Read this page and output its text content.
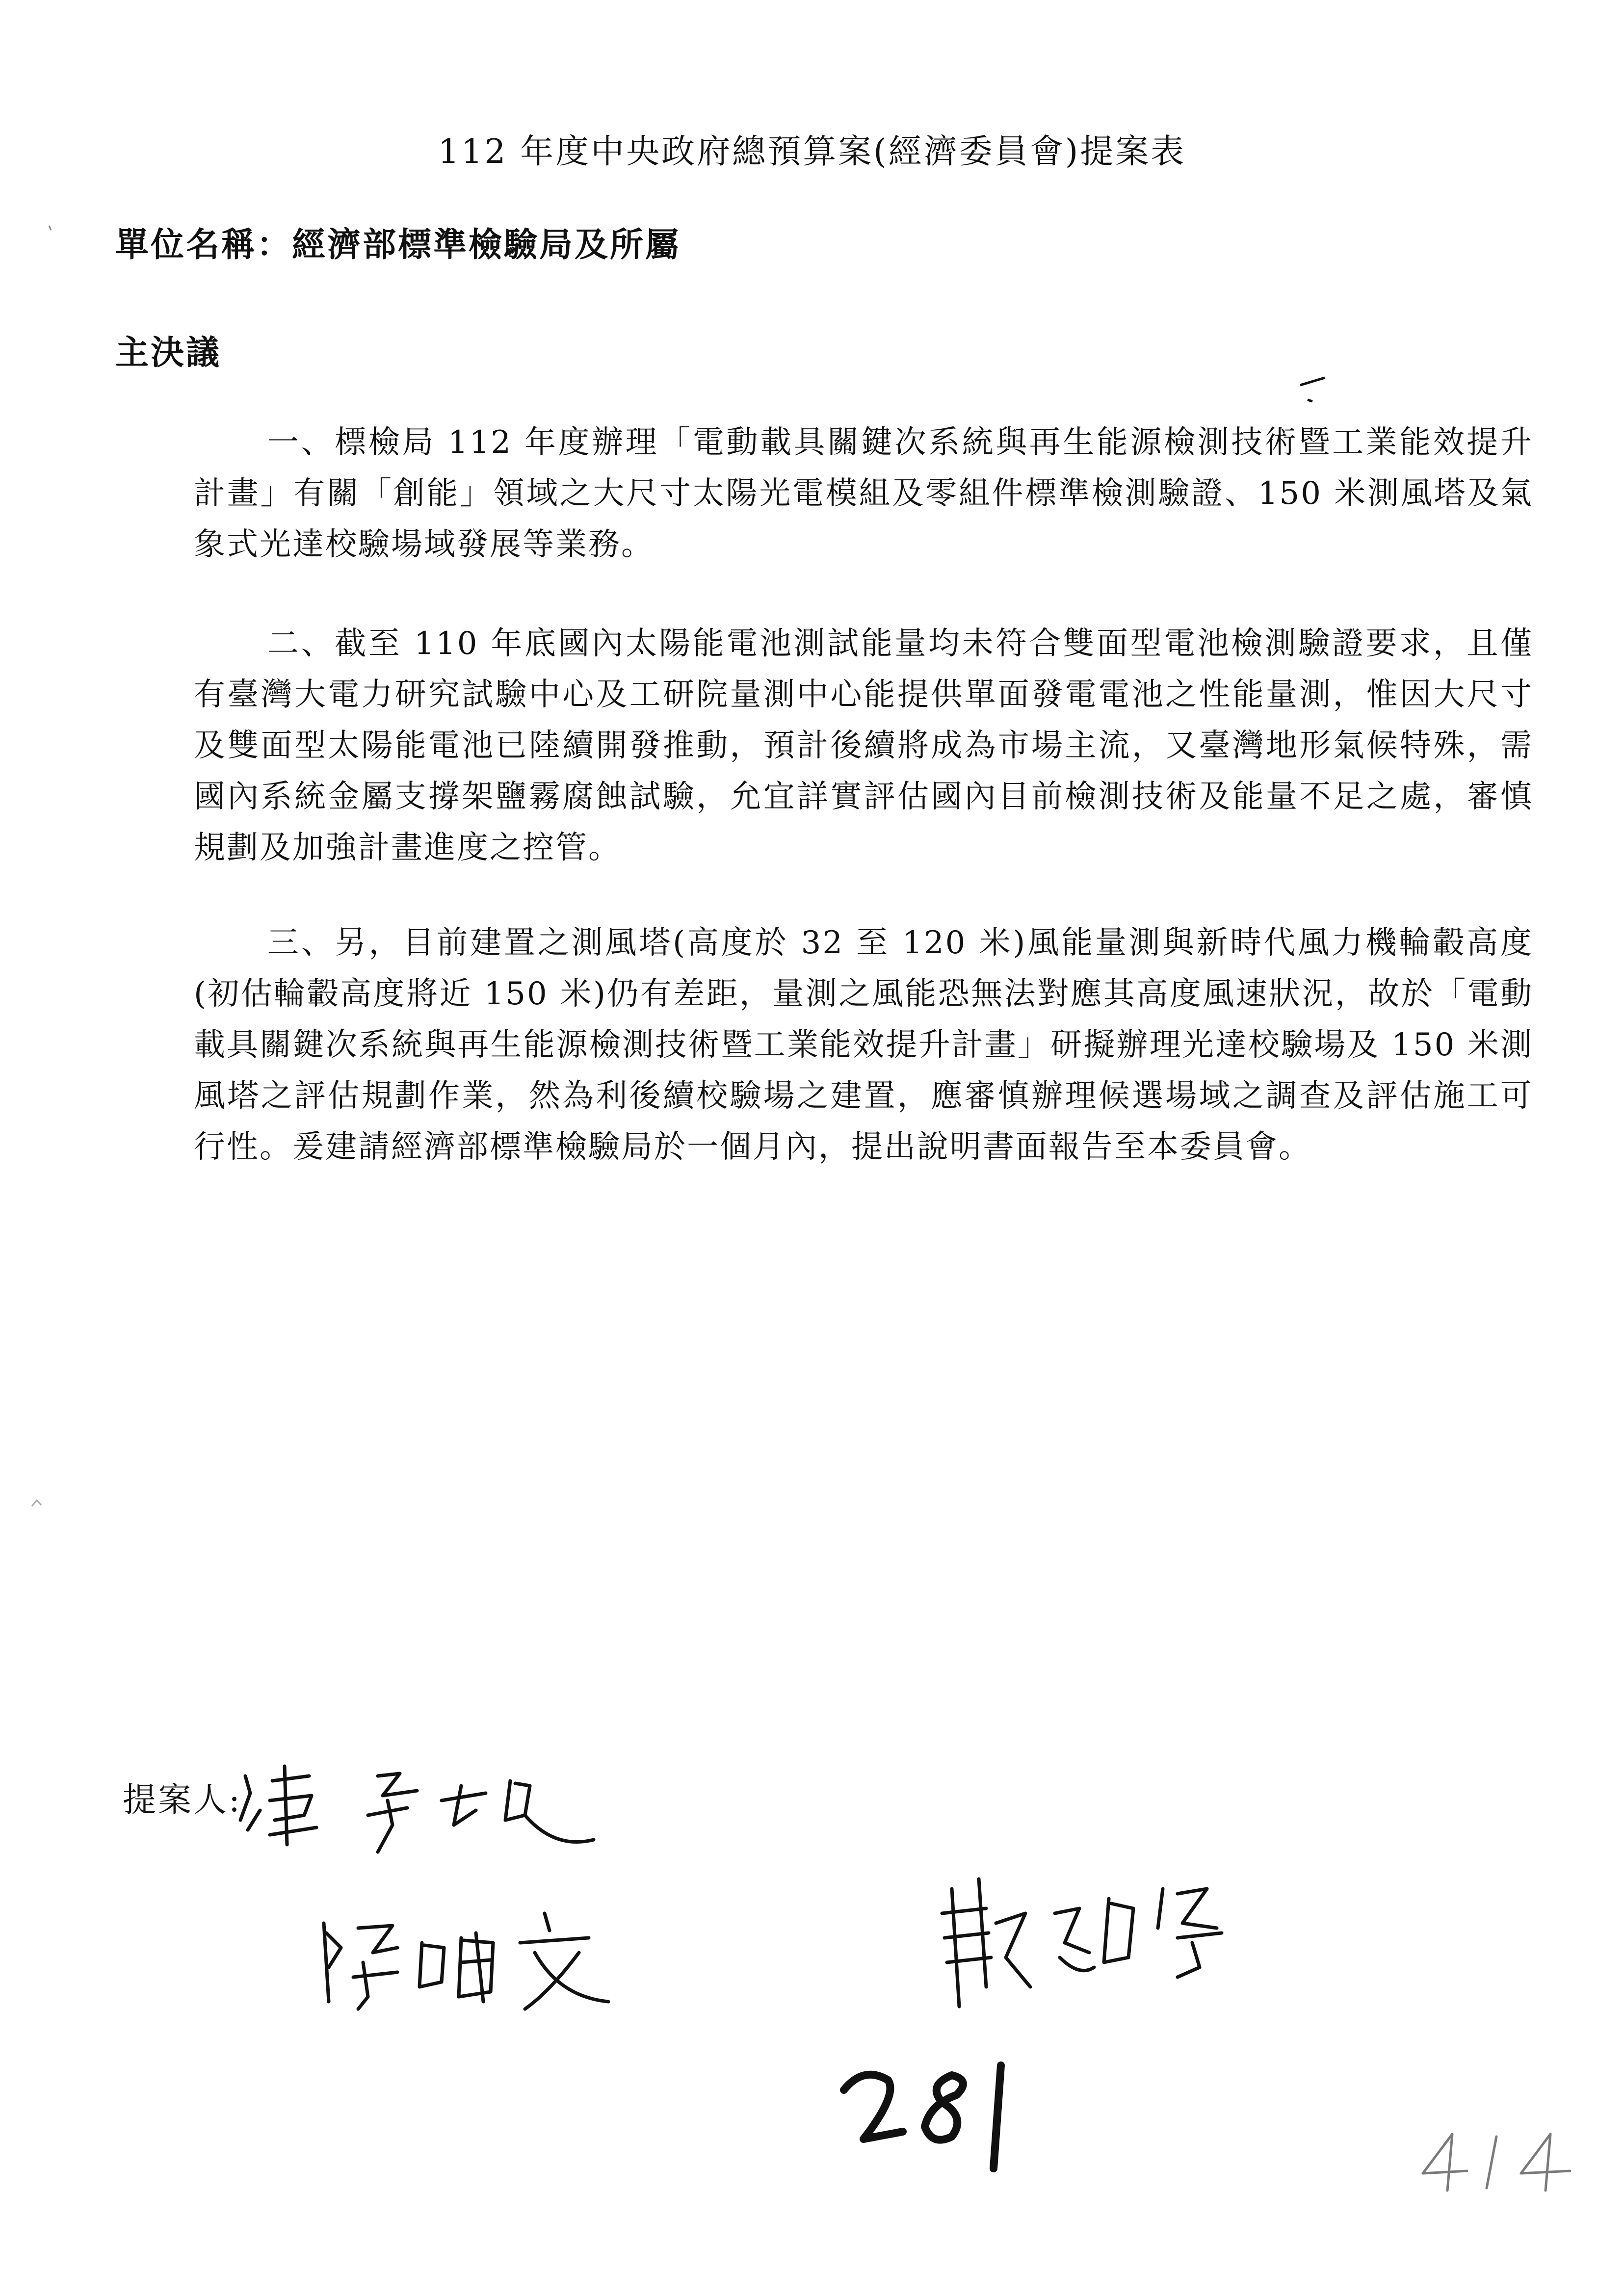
112 年度中央政府總預算案(經濟委員會)提案表
單位名稱：經濟部標準檢驗局及所屬
主決議

一、標檢局 112 年度辦理「電動載具關鍵次系統與再生能源檢測技術暨工業能效提升計畫」有關「創能」領域之大尺寸太陽光電模組及零組件標準檢測驗證、150 米測風塔及氣象式光達校驗場域發展等業務。

二、截至 110 年底國內太陽能電池測試能量均未符合雙面型電池檢測驗證要求，且僅有臺灣大電力研究試驗中心及工研院量測中心能提供單面發電電池之性能量測，惟因大尺寸及雙面型太陽能電池已陸續開發推動，預計後續將成為市場主流，又臺灣地形氣候特殊，需國內系統金屬支撐架鹽霧腐蝕試驗，允宜詳實評估國內目前檢測技術及能量不足之處，審慎規劃及加強計畫進度之控管。

三、另，目前建置之測風塔(高度於 32 至 120 米)風能量測與新時代風力機輪轂高度(初估輪轂高度將近 150 米)仍有差距，量測之風能恐無法對應其高度風速狀況，故於「電動載具關鍵次系統與再生能源檢測技術暨工業能效提升計畫」研擬辦理光達校驗場及 150 米測風塔之評估規劃作業，然為利後續校驗場之建置，應審慎辦理候選場域之調查及評估施工可行性。爰建請經濟部標準檢驗局於一個月內，提出說明書面報告至本委員會。

提案人:
